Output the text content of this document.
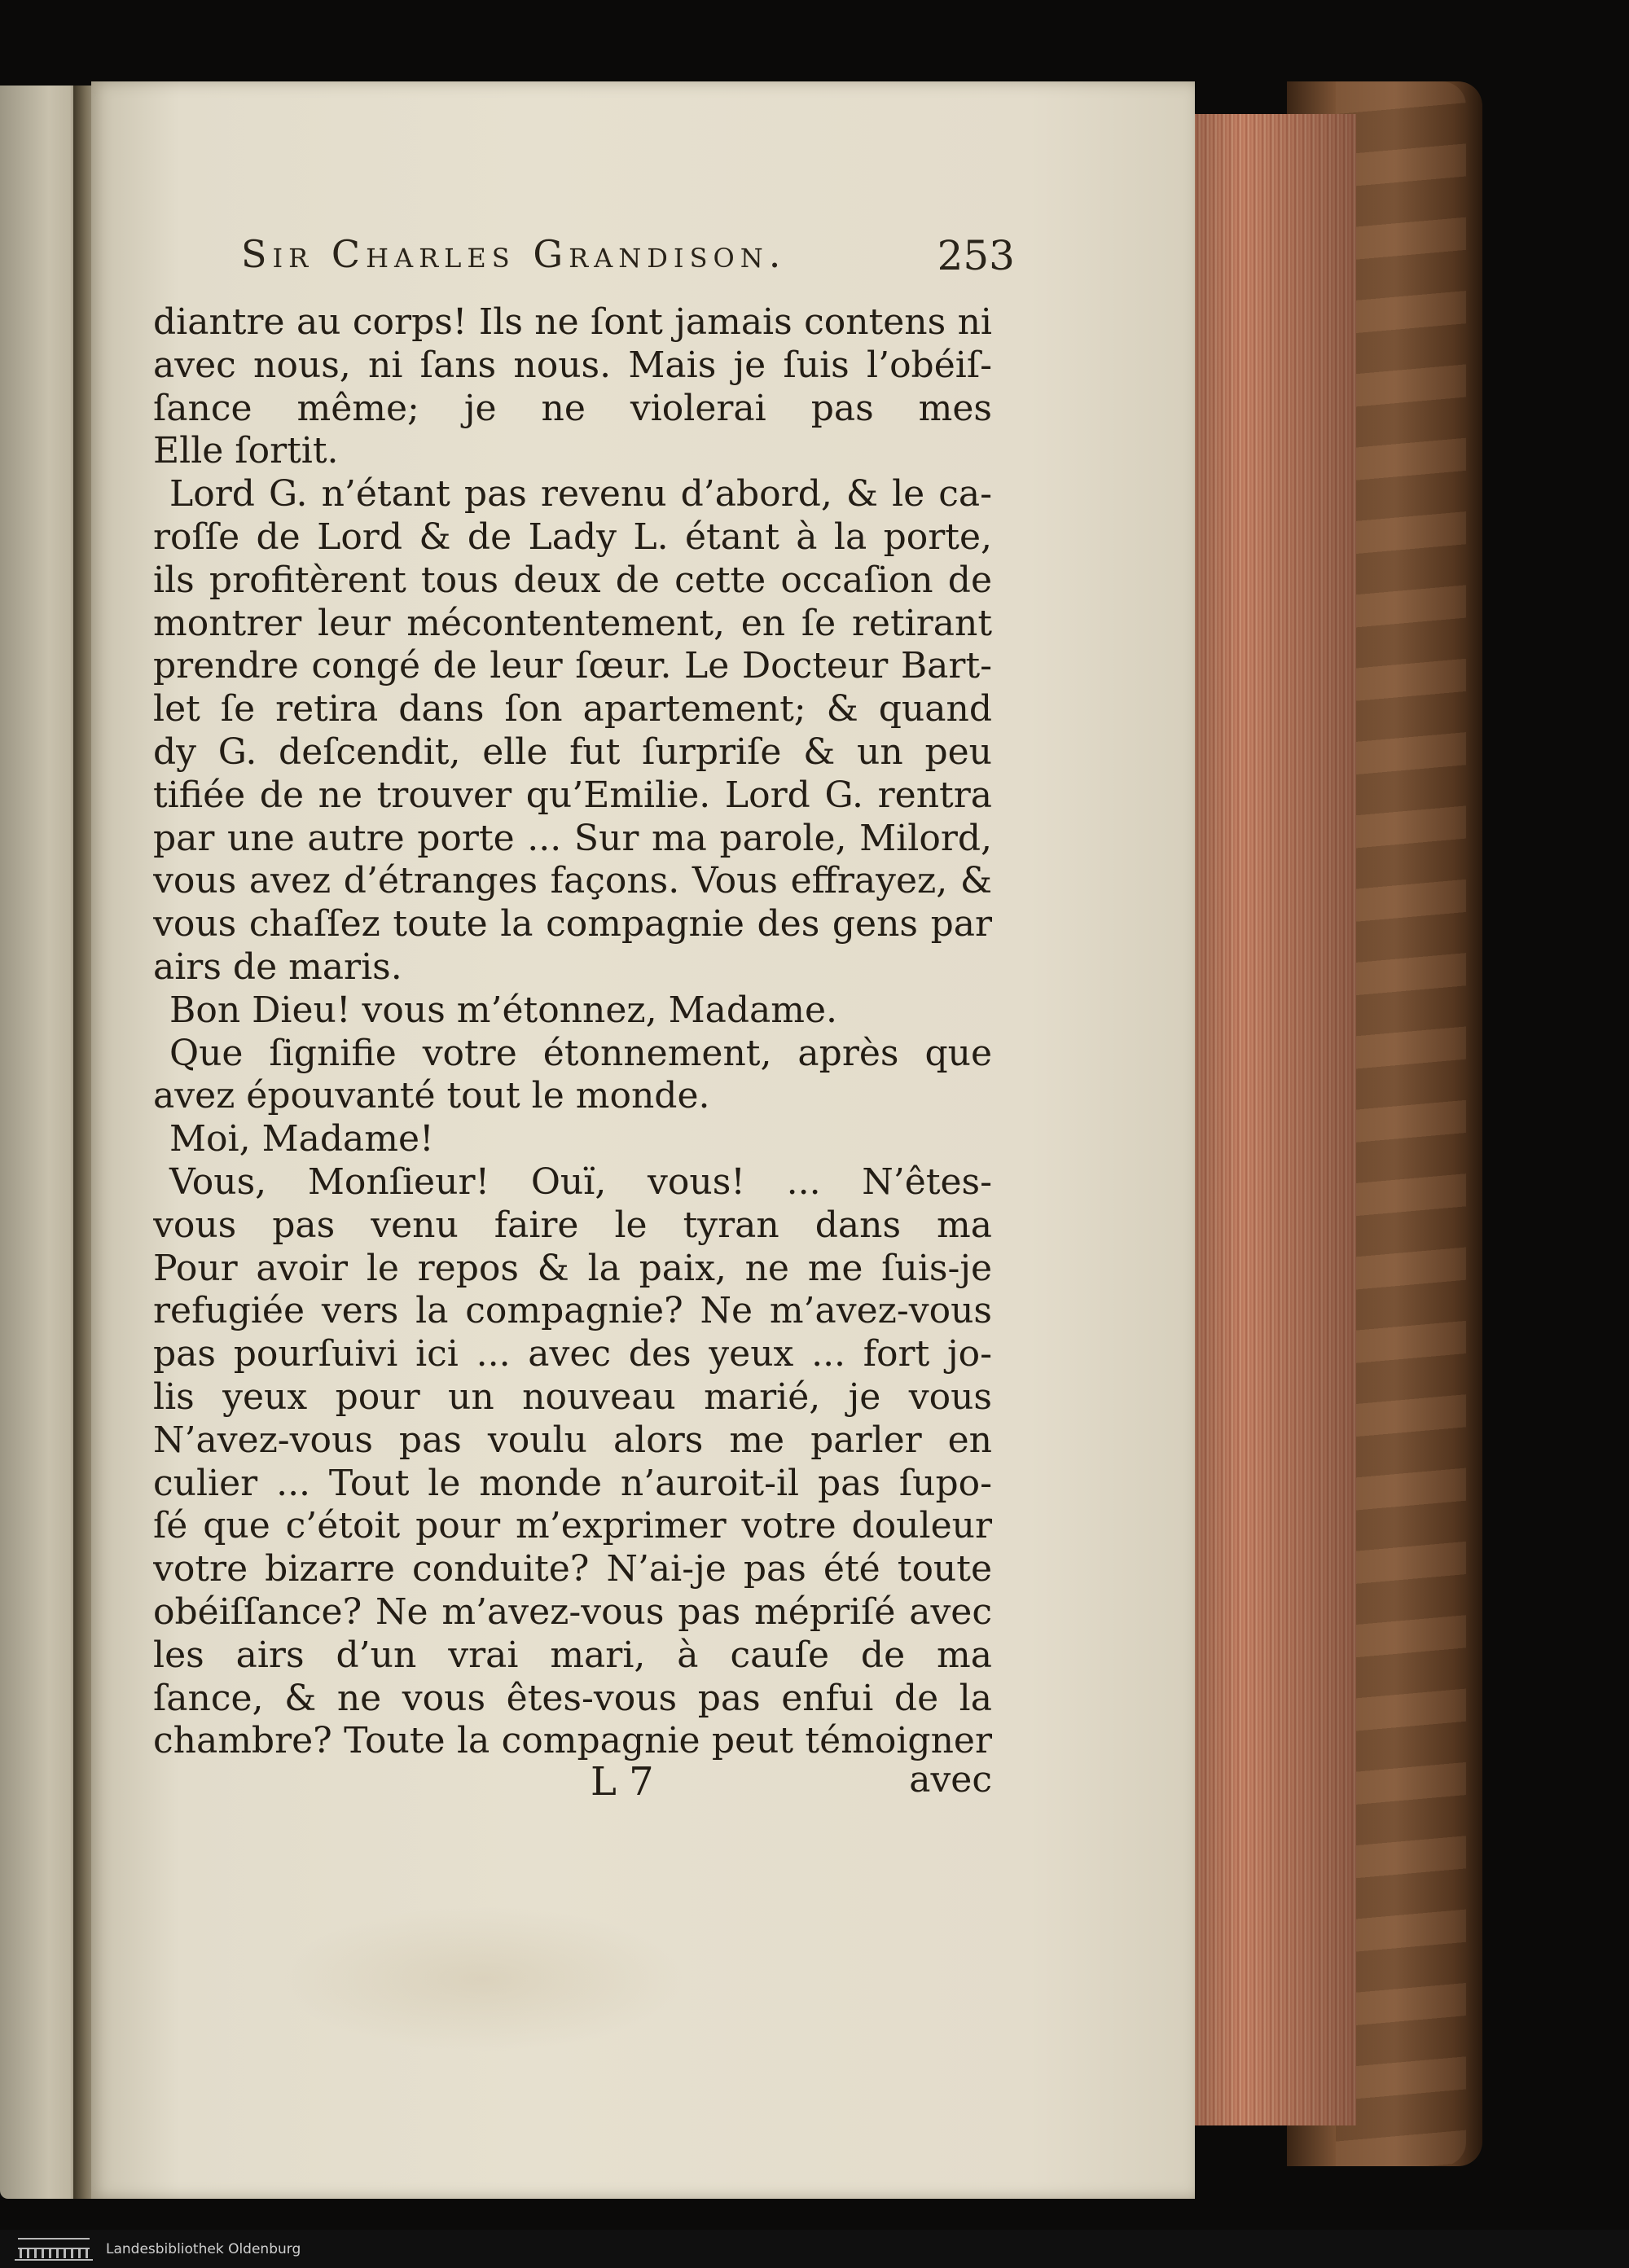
Sir Charles Grandison.	253
diantre au corps! Ils ne ſont jamais contens ni
avec nous, ni ſans nous. Mais je ſuis l’obéiſ-
ſance même; je ne violerai pas mes
Elle ſortit.
Lord G. n’étant pas revenu d’abord, & le ca-
roſſe de Lord & de Lady L. étant à la porte,
ils profitèrent tous deux de cette occaſion de
montrer leur mécontentement, en ſe retirant
prendre congé de leur ſœur. Le Docteur Bart-
let ſe retira dans ſon apartement; & quand
dy G. deſcendit, elle fut ſurpriſe & un peu
tifiée de ne trouver qu’Emilie. Lord G. rentra
par une autre porte ... Sur ma parole, Milord,
vous avez d’étranges façons. Vous effrayez, &
vous chaſſez toute la compagnie des gens par
airs de maris.
Bon Dieu! vous m’étonnez, Madame.
Que ſignifie votre étonnement, après que
avez épouvanté tout le monde.
Moi, Madame!
Vous, Monſieur! Ouï, vous! ... N’êtes-
vous pas venu faire le tyran dans ma
Pour avoir le repos & la paix, ne me ſuis-je
refugiée vers la compagnie? Ne m’avez-vous
pas pourſuivi ici ... avec des yeux ... fort jo-
lis yeux pour un nouveau marié, je vous
N’avez-vous pas voulu alors me parler en
culier ... Tout le monde n’auroit-il pas ſupo-
ſé que c’étoit pour m’exprimer votre douleur
votre bizarre conduite? N’ai-je pas été toute
obéiſſance? Ne m’avez-vous pas mépriſé avec
les airs d’un vrai mari, à cauſe de ma
ſance, & ne vous êtes-vous pas enfui de la
chambre? Toute la compagnie peut témoigner
L 7	avec
Landesbibliothek Oldenburg
